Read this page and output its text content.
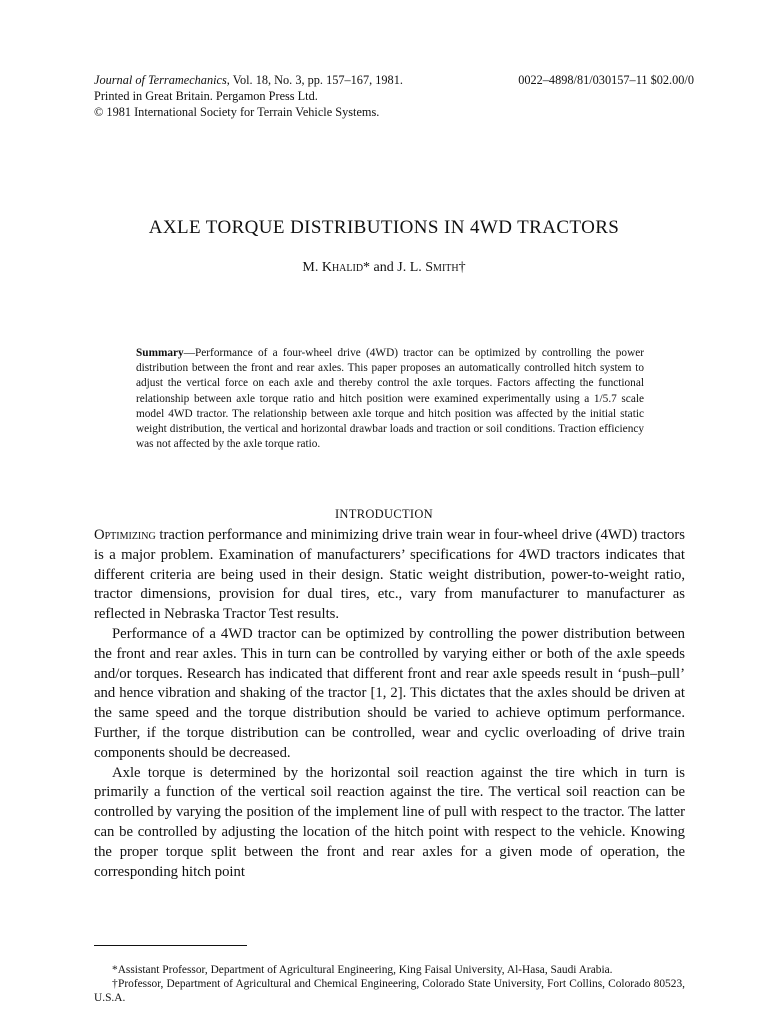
Journal of Terramechanics, Vol. 18, No. 3, pp. 157–167, 1981.	0022–4898/81/030157–11 $02.00/0
Printed in Great Britain. Pergamon Press Ltd.
© 1981 International Society for Terrain Vehicle Systems.
AXLE TORQUE DISTRIBUTIONS IN 4WD TRACTORS
M. Khalid* and J. L. Smith†
Summary—Performance of a four-wheel drive (4WD) tractor can be optimized by controlling the power distribution between the front and rear axles. This paper proposes an automatically controlled hitch system to adjust the vertical force on each axle and thereby control the axle torques. Factors affecting the functional relationship between axle torque ratio and hitch position were examined experimentally using a 1/5.7 scale model 4WD tractor. The relationship between axle torque and hitch position was affected by the initial static weight distribution, the vertical and horizontal drawbar loads and traction or soil conditions. Traction efficiency was not affected by the axle torque ratio.
INTRODUCTION

Optimizing traction performance and minimizing drive train wear in four-wheel drive (4WD) tractors is a major problem. Examination of manufacturers’ specifications for 4WD tractors indicates that different criteria are being used in their design. Static weight distribution, power-to-weight ratio, tractor dimensions, provision for dual tires, etc., vary from manufacturer to manufacturer as reflected in Nebraska Tractor Test results.

Performance of a 4WD tractor can be optimized by controlling the power distribution between the front and rear axles. This in turn can be controlled by varying either or both of the axle speeds and/or torques. Research has indicated that different front and rear axle speeds result in ‘push–pull’ and hence vibration and shaking of the tractor [1, 2]. This dictates that the axles should be driven at the same speed and the torque distribution should be varied to achieve optimum performance. Further, if the torque distribution can be controlled, wear and cyclic overloading of drive train components should be decreased.

Axle torque is determined by the horizontal soil reaction against the tire which in turn is primarily a function of the vertical soil reaction against the tire. The vertical soil reaction can be controlled by varying the position of the implement line of pull with respect to the tractor. The latter can be controlled by adjusting the location of the hitch point with respect to the vehicle. Knowing the proper torque split between the front and rear axles for a given mode of operation, the corresponding hitch point

*Assistant Professor, Department of Agricultural Engineering, King Faisal University, Al-Hasa, Saudi Arabia.

†Professor, Department of Agricultural and Chemical Engineering, Colorado State University, Fort Collins, Colorado 80523, U.S.A.
